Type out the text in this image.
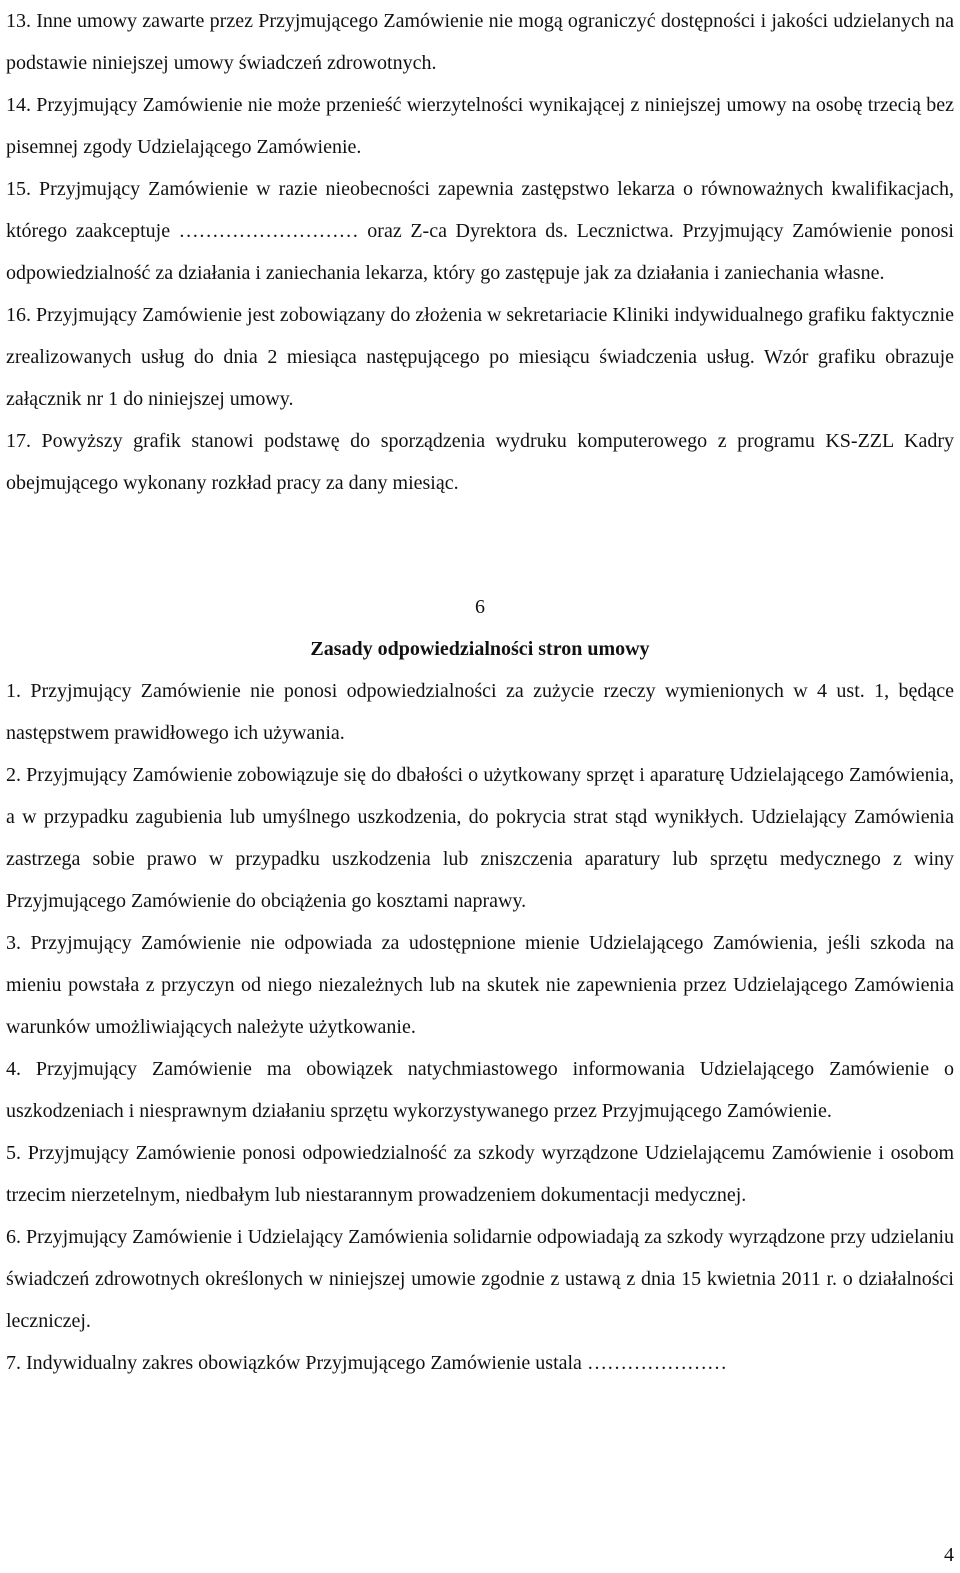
13. Inne umowy zawarte przez Przyjmującego Zamówienie nie mogą ograniczyć dostępności i jakości udzielanych na podstawie niniejszej umowy świadczeń zdrowotnych.

14. Przyjmujący Zamówienie nie może przenieść wierzytelności wynikającej z niniejszej umowy na osobę trzecią bez pisemnej zgody Udzielającego Zamówienie.

15. Przyjmujący Zamówienie w razie nieobecności zapewnia zastępstwo lekarza o równoważnych kwalifikacjach, którego zaakceptuje ……………………… oraz Z-ca Dyrektora ds. Lecznictwa. Przyjmujący Zamówienie ponosi odpowiedzialność za działania i zaniechania lekarza, który go zastępuje jak za działania i zaniechania własne.

16. Przyjmujący Zamówienie jest zobowiązany do złożenia w sekretariacie Kliniki indywidualnego grafiku faktycznie zrealizowanych usług do dnia 2 miesiąca następującego po miesiącu świadczenia usług. Wzór grafiku obrazuje załącznik nr 1 do niniejszej umowy.

17. Powyższy grafik stanowi podstawę do sporządzenia wydruku komputerowego z programu KS-ZZL Kadry obejmującego wykonany rozkład pracy za dany miesiąc.

6

Zasady odpowiedzialności stron umowy

1. Przyjmujący Zamówienie nie ponosi odpowiedzialności za zużycie rzeczy wymienionych w 4 ust. 1, będące następstwem prawidłowego ich używania.

2. Przyjmujący Zamówienie zobowiązuje się do dbałości o użytkowany sprzęt i aparaturę Udzielającego Zamówienia, a w przypadku zagubienia lub umyślnego uszkodzenia, do pokrycia strat stąd wynikłych. Udzielający Zamówienia zastrzega sobie prawo w przypadku uszkodzenia lub zniszczenia aparatury lub sprzętu medycznego z winy Przyjmującego Zamówienie do obciążenia go kosztami naprawy.

3. Przyjmujący Zamówienie nie odpowiada za udostępnione mienie Udzielającego Zamówienia, jeśli szkoda na mieniu powstała z przyczyn od niego niezależnych lub na skutek nie zapewnienia przez Udzielającego Zamówienia warunków umożliwiających należyte użytkowanie.

4. Przyjmujący Zamówienie ma obowiązek natychmiastowego informowania Udzielającego Zamówienie o uszkodzeniach i niesprawnym działaniu sprzętu wykorzystywanego przez Przyjmującego Zamówienie.

5. Przyjmujący Zamówienie ponosi odpowiedzialność za szkody wyrządzone Udzielającemu Zamówienie i osobom trzecim nierzetelnym, niedbałym lub niestarannym prowadzeniem dokumentacji medycznej.

6. Przyjmujący Zamówienie i Udzielający Zamówienia solidarnie odpowiadają za szkody wyrządzone przy udzielaniu świadczeń zdrowotnych określonych w niniejszej umowie zgodnie z ustawą z dnia 15 kwietnia 2011 r. o działalności leczniczej.

7. Indywidualny zakres obowiązków Przyjmującego Zamówienie ustala …………………

4
